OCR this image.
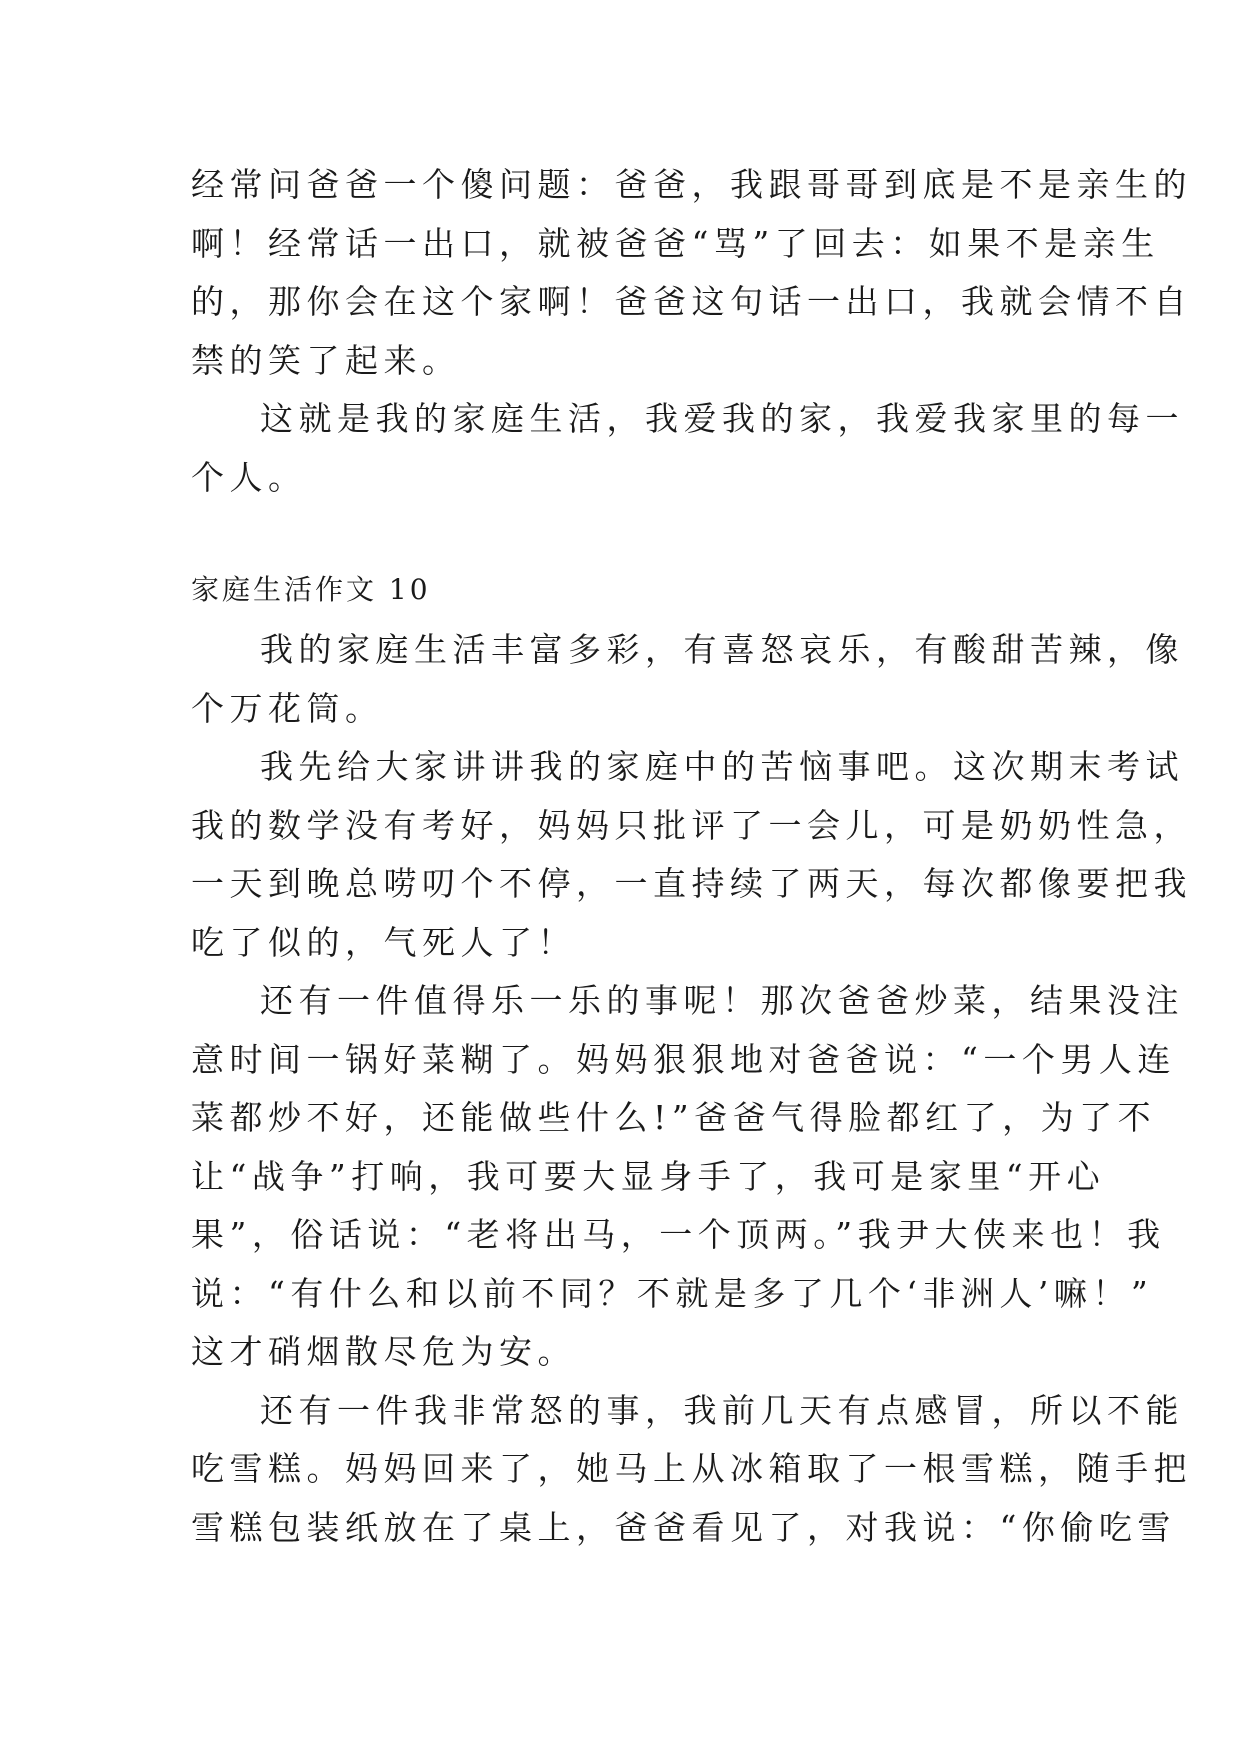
经常问爸爸一个傻问题：爸爸，我跟哥哥到底是不是亲生的
啊！经常话一出口，就被爸爸“骂”了回去：如果不是亲生
的，那你会在这个家啊！爸爸这句话一出口，我就会情不自
禁的笑了起来。
这就是我的家庭生活，我爱我的家，我爱我家里的每一
个人。
家庭生活作文 10
我的家庭生活丰富多彩，有喜怒哀乐，有酸甜苦辣，像
个万花筒。
我先给大家讲讲我的家庭中的苦恼事吧。这次期末考试
我的数学没有考好，妈妈只批评了一会儿，可是奶奶性急，
一天到晚总唠叨个不停，一直持续了两天，每次都像要把我
吃了似的，气死人了！
还有一件值得乐一乐的事呢！那次爸爸炒菜，结果没注
意时间一锅好菜糊了。妈妈狠狠地对爸爸说：“一个男人连
菜都炒不好，还能做些什么!”爸爸气得脸都红了，为了不
让“战争”打响，我可要大显身手了，我可是家里“开心
果”，俗话说：“老将出马，一个顶两。”我尹大侠来也！我
说：“有什么和以前不同？不就是多了几个‘非洲人’嘛！”
这才硝烟散尽危为安。
还有一件我非常怒的事，我前几天有点感冒，所以不能
吃雪糕。妈妈回来了，她马上从冰箱取了一根雪糕，随手把
雪糕包装纸放在了桌上，爸爸看见了，对我说：“你偷吃雪
